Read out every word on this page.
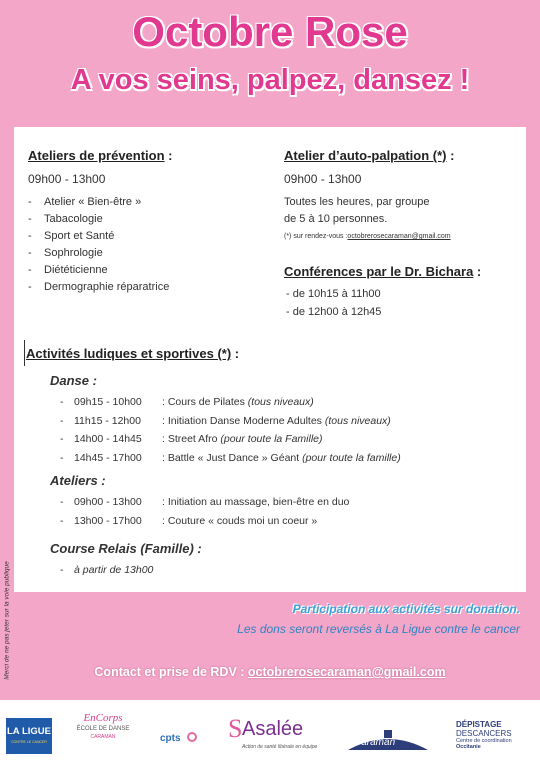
Octobre Rose
A vos seins, palpez, dansez !
Ateliers de prévention :
09h00 - 13h00
- Atelier « Bien-être »
- Tabacologie
- Sport et Santé
- Sophrologie
- Diététicienne
- Dermographie réparatrice
Atelier d’auto-palpation (*) :
09h00 - 13h00
Toutes les heures, par groupe
de 5 à 10 personnes.
(*) sur rendez-vous :octobrerosecaraman@gmail.com
Conférences par le Dr. Bichara :
- de 10h15 à 11h00
- de 12h00 à 12h45
Activités ludiques et sportives (*) :
Danse :
- 09h15 - 10h00 : Cours de Pilates (tous niveaux)
- 11h15 - 12h00 : Initiation Danse Moderne Adultes (tous niveaux)
- 14h00 - 14h45 : Street Afro (pour toute la Famille)
- 14h45 - 17h00 : Battle « Just Dance » Géant (pour toute la famille)
Ateliers :
- 09h00 - 13h00 : Initiation au massage, bien-être en duo
- 13h00 - 17h00 : Couture « couds moi un coeur »
Course Relais (Famille) :
- à partir de 13h00
Participation aux activités sur donation.
Les dons seront reversés à La Ligue contre le cancer
Contact et prise de RDV : octobrerosecaraman@gmail.com
Merci de ne pas jeter sur la voie publique
LA LIGUE
CONTRE LE CANCER
EnCorps
ÉCOLE DE DANSE
CARAMAN	cpts	S Asalée
Action de santé libérale en équipe	Caraman
DÉPISTAGE
DESCANCERS
Centre de coordination
Occitanie
